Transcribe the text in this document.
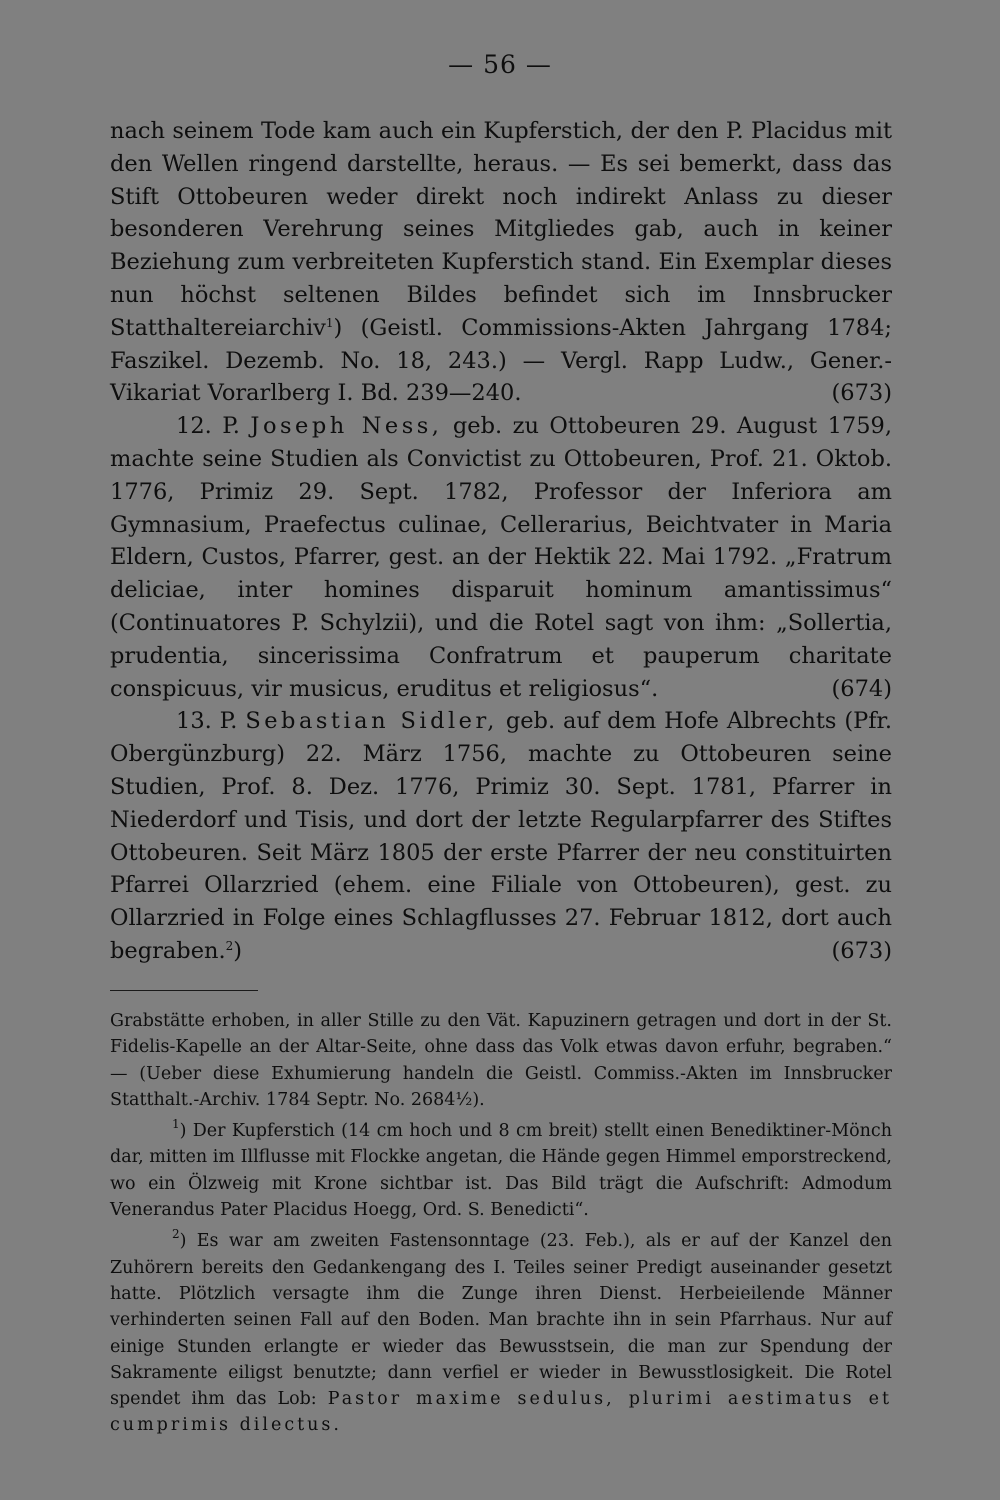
— 56 —

nach seinem Tode kam auch ein Kupferstich, der den P. Placidus mit den Wellen ringend darstellte, heraus. — Es sei bemerkt, dass das Stift Ottobeuren weder direkt noch indirekt Anlass zu dieser besonderen Verehrung seines Mitgliedes gab, auch in keiner Beziehung zum verbreiteten Kupferstich stand. Ein Exemplar dieses nun höchst seltenen Bildes befindet sich im Innsbrucker Statthaltereiarchiv$^1$) (Geistl. Commissions-Akten Jahrgang 1784; Faszikel. Dezemb. No. 18, 243.) — Vergl. Rapp Ludw., Gener.-Vikariat Vorarlberg I. Bd. 239—240.	(673)

12. P. Joseph Ness, geb. zu Ottobeuren 29. August 1759, machte seine Studien als Convictist zu Ottobeuren, Prof. 21. Oktob. 1776, Primiz 29. Sept. 1782, Professor der Inferiora am Gymnasium, Praefectus culinae, Cellerarius, Beichtvater in Maria Eldern, Custos, Pfarrer, gest. an der Hektik 22. Mai 1792. „Fratrum deliciae, inter homines disparuit hominum amantissimus“ (Continuatores P. Schylzii), und die Rotel sagt von ihm: „Sollertia, prudentia, sincerissima Confratrum et pauperum charitate conspicuus, vir musicus, eruditus et religiosus“.	(674)

13. P. Sebastian Sidler, geb. auf dem Hofe Albrechts (Pfr. Obergünzburg) 22. März 1756, machte zu Ottobeuren seine Studien, Prof. 8. Dez. 1776, Primiz 30. Sept. 1781, Pfarrer in Niederdorf und Tisis, und dort der letzte Regularpfarrer des Stiftes Ottobeuren. Seit März 1805 der erste Pfarrer der neu constituirten Pfarrei Ollarzried (ehem. eine Filiale von Ottobeuren), gest. zu Ollarzried in Folge eines Schlagflusses 27. Februar 1812, dort auch begraben.$^2$)	(673)

Grabstätte erhoben, in aller Stille zu den Vät. Kapuzinern getragen und dort in der St. Fidelis-Kapelle an der Altar-Seite, ohne dass das Volk etwas davon erfuhr, begraben.“ — (Ueber diese Exhumierung handeln die Geistl. Commiss.-Akten im Innsbrucker Statthalt.-Archiv. 1784 Septr. No. 2684½).

$^1$) Der Kupferstich (14 cm hoch und 8 cm breit) stellt einen Benediktiner-Mönch dar, mitten im Illflusse mit Flockke angetan, die Hände gegen Himmel emporstreckend, wo ein Ölzweig mit Krone sichtbar ist. Das Bild trägt die Aufschrift: Admodum Venerandus Pater Placidus Hoegg, Ord. S. Benedicti“.

$^2$) Es war am zweiten Fastensonntage (23. Feb.), als er auf der Kanzel den Zuhörern bereits den Gedankengang des I. Teiles seiner Predigt auseinander gesetzt hatte. Plötzlich versagte ihm die Zunge ihren Dienst. Herbeieilende Männer verhinderten seinen Fall auf den Boden. Man brachte ihn in sein Pfarrhaus. Nur auf einige Stunden erlangte er wieder das Bewusstsein, die man zur Spendung der Sakramente eiligst benutzte; dann verfiel er wieder in Bewusstlosigkeit. Die Rotel spendet ihm das Lob: Pastor maxime sedulus, plurimi aestimatus et cumprimis dilectus.
